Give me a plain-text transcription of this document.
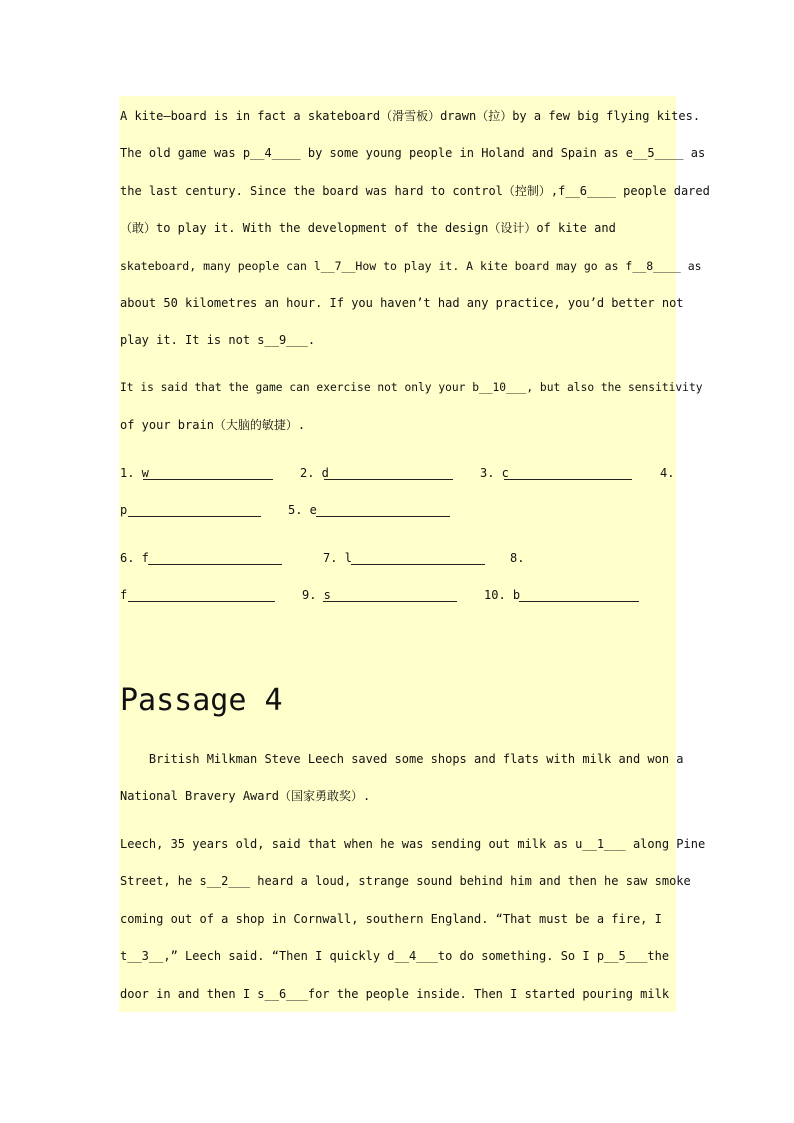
A kite—board is in fact a skateboard（滑雪板）drawn（拉）by a few big flying kites.
The old game was p__4____ by some young people in Holand and Spain as e__5____ as
the last century. Since the board was hard to control（控制）,f__6____ people dared
（敢）to play it. With the development of the design（设计）of kite and
skateboard, many people can l__7__How to play it. A kite board may go as f__8____ as
about 50 kilometres an hour. If you haven’t had any practice, you’d better not
play it. It is not s__9___.
It is said that the game can exercise not only your b__10___, but also the sensitivity
of your brain（大脑的敏捷）.
1. w	2. d	3. c	4.
p	5. e
6. f	7. l	8.
f	9. s	10. b
Passage 4
British Milkman Steve Leech saved some shops and flats with milk and won a
National Bravery Award（国家勇敢奖）.
Leech, 35 years old, said that when he was sending out milk as u__1___ along Pine
Street, he s__2___ heard a loud, strange sound behind him and then he saw smoke
coming out of a shop in Cornwall, southern England. “That must be a fire, I
t__3__,” Leech said. “Then I quickly d__4___to do something. So I p__5___the
door in and then I s__6___for the people inside. Then I started pouring milk
